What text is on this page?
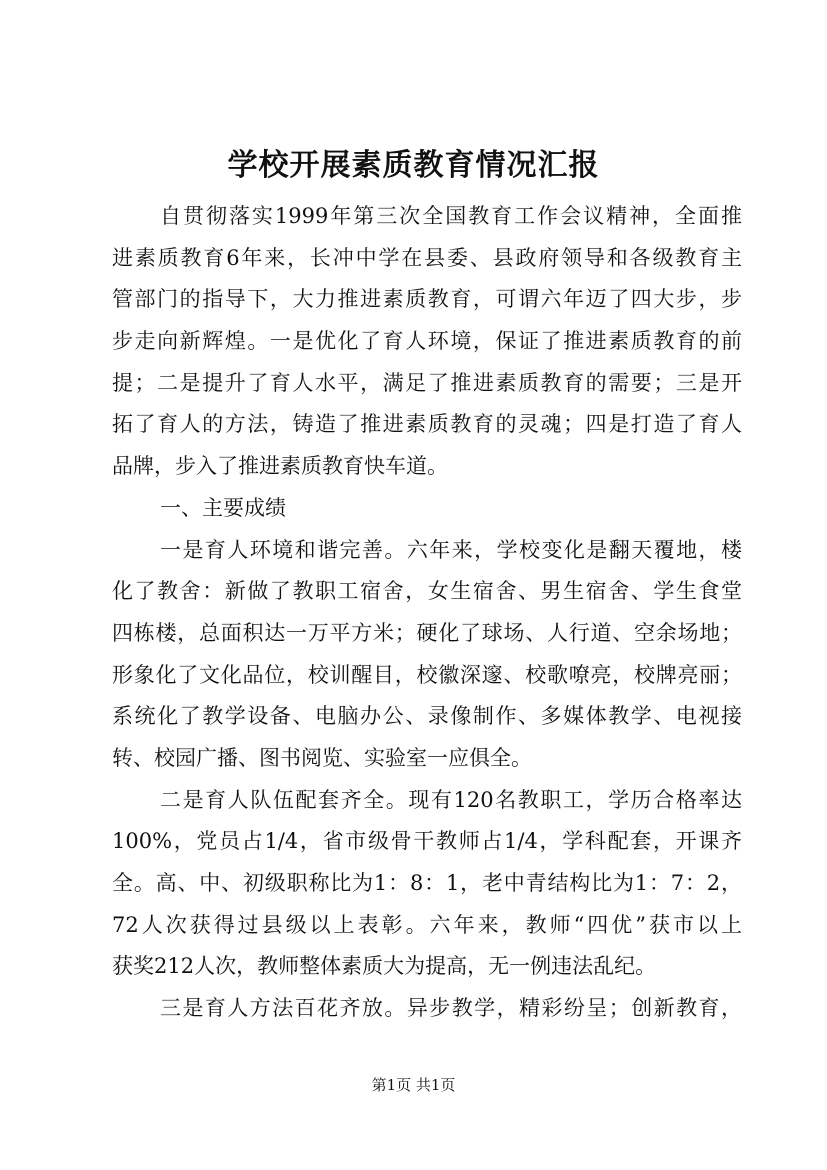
学校开展素质教育情况汇报
自贯彻落实1999年第三次全国教育工作会议精神，全面推
进素质教育6年来，长冲中学在县委、县政府领导和各级教育主
管部门的指导下，大力推进素质教育，可谓六年迈了四大步，步
步走向新辉煌。一是优化了育人环境，保证了推进素质教育的前
提；二是提升了育人水平，满足了推进素质教育的需要；三是开
拓了育人的方法，铸造了推进素质教育的灵魂；四是打造了育人
品牌，步入了推进素质教育快车道。
一、主要成绩
一是育人环境和谐完善。六年来，学校变化是翻天覆地，楼
化了教舍：新做了教职工宿舍，女生宿舍、男生宿舍、学生食堂
四栋楼，总面积达一万平方米；硬化了球场、人行道、空余场地；
形象化了文化品位，校训醒目，校徽深邃、校歌嘹亮，校牌亮丽；
系统化了教学设备、电脑办公、录像制作、多媒体教学、电视接
转、校园广播、图书阅览、实验室一应俱全。
二是育人队伍配套齐全。现有120名教职工，学历合格率达
100%，党员占1/4，省市级骨干教师占1/4，学科配套，开课齐
全。高、中、初级职称比为1：8：1，老中青结构比为1：7：2，
72人次获得过县级以上表彰。六年来，教师“四优”获市以上
获奖212人次，教师整体素质大为提高，无一例违法乱纪。
三是育人方法百花齐放。异步教学，精彩纷呈；创新教育，
第1页 共1页
